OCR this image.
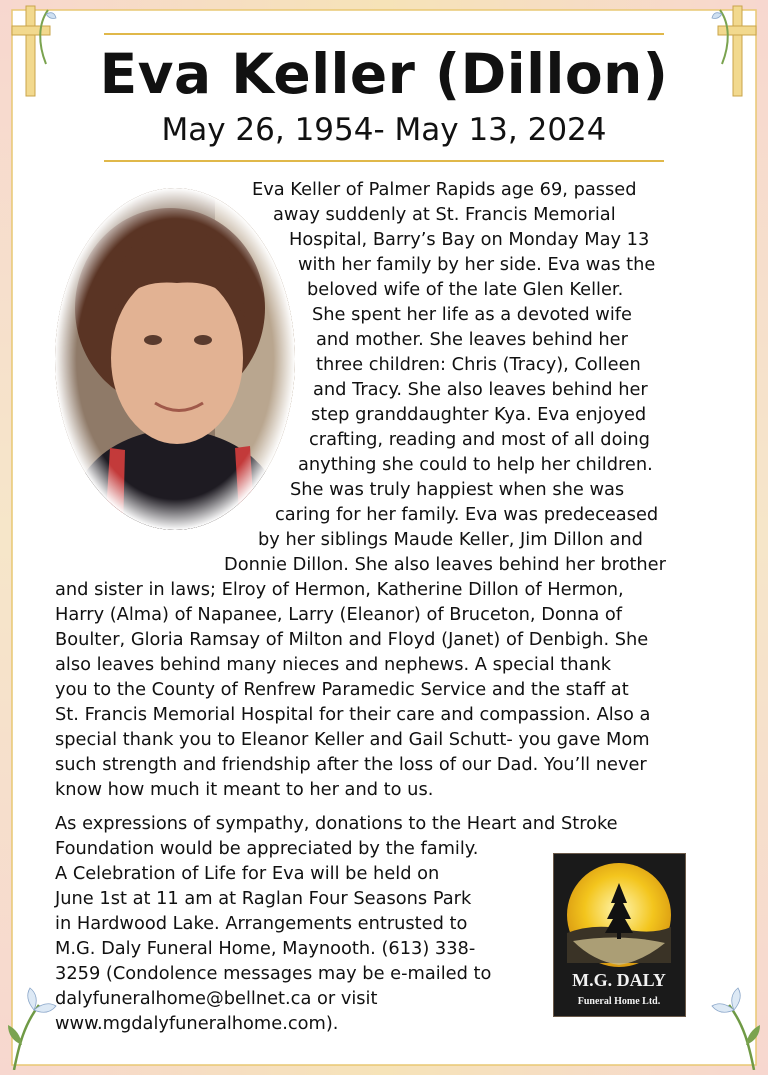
Eva Keller (Dillon)
May 26, 1954- May 13, 2024
Eva Keller of Palmer Rapids age 69, passed
away suddenly at St. Francis Memorial
Hospital, Barry’s Bay on Monday May 13
with her family by her side. Eva was the
beloved wife of the late Glen Keller.
She spent her life as a devoted wife
and mother. She leaves behind her
three children: Chris (Tracy), Colleen
and Tracy. She also leaves behind her
step granddaughter Kya. Eva enjoyed
crafting, reading and most of all doing
anything she could to help her children.
She was truly happiest when she was
caring for her family. Eva was predeceased
by her siblings Maude Keller, Jim Dillon and
Donnie Dillon. She also leaves behind her brother
and sister in laws; Elroy of Hermon, Katherine Dillon of Hermon,
Harry (Alma) of Napanee, Larry (Eleanor) of Bruceton, Donna of
Boulter, Gloria Ramsay of Milton and Floyd (Janet) of Denbigh. She
also leaves behind many nieces and nephews. A special thank
you to the County of Renfrew Paramedic Service and the staff at
St. Francis Memorial Hospital for their care and compassion. Also a
special thank you to Eleanor Keller and Gail Schutt- you gave Mom
such strength and friendship after the loss of our Dad. You’ll never
know how much it meant to her and to us.
As expressions of sympathy, donations to the Heart and Stroke
Foundation would be appreciated by the family.
A Celebration of Life for Eva will be held on
June 1st at 11 am at Raglan Four Seasons Park
in Hardwood Lake. Arrangements entrusted to
M.G. Daly Funeral Home, Maynooth. (613) 338-
3259 (Condolence messages may be e-mailed to
dalyfuneralhome@bellnet.ca or visit
www.mgdalyfuneralhome.com).
M.G. DALY
Funeral Home Ltd.
